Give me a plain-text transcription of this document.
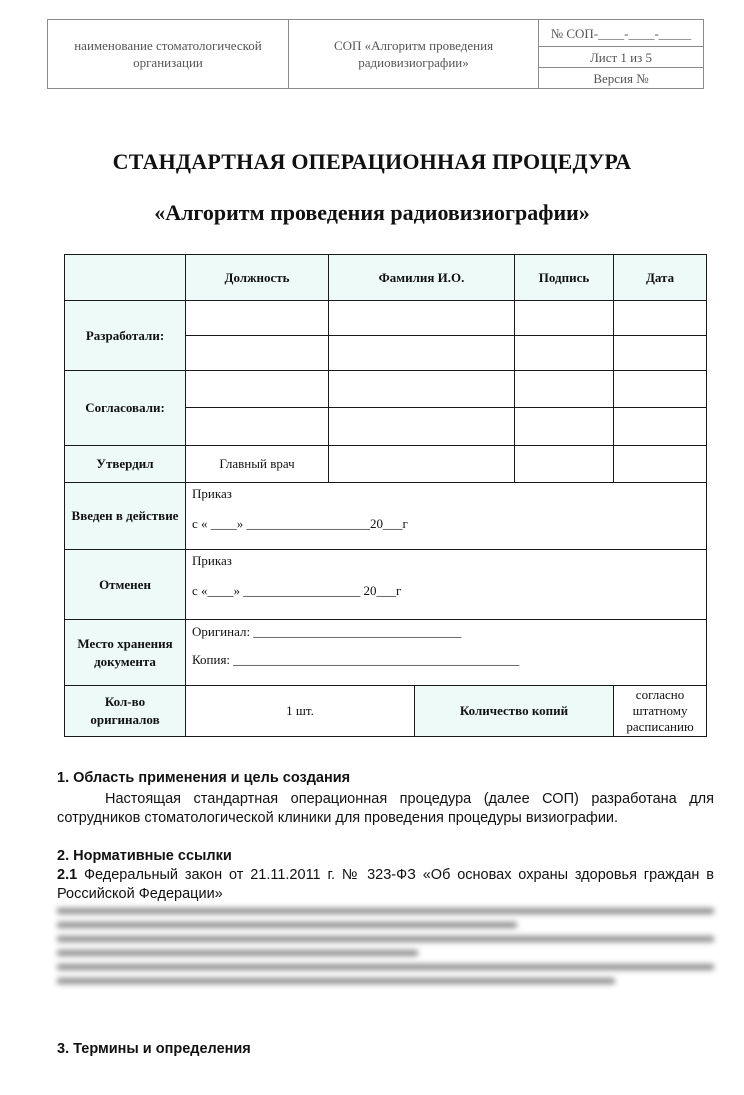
наименование стоматологической организации	СОП «Алгоритм проведения радиовизиографии»	№ СОП-____-____-_____
Лист 1 из 5
Версия №
СТАНДАРТНАЯ ОПЕРАЦИОННАЯ ПРОЦЕДУРА
«Алгоритм проведения радиовизиографии»
	Должность	Фамилия И.О.		Подпись	Дата
Разработали:					

Согласовали:					

Утвердил	Главный врач				
Введен в действие	Приказ
с « ____» ___________________20___г				

Отменен	Приказ
с «____» __________________ 20___г				

Место хранения документа	Оригинал: ________________________________
Копия: ____________________________________________				

Кол-во оригиналов	1 шт.		Количество копий		согласно штатному расписанию
1. Область применения и цель создания
Настоящая стандартная операционная процедура (далее СОП) разработана для сотрудников стоматологической клиники для проведения процедуры визиографии.
2. Нормативные ссылки
2.1 Федеральный закон от 21.11.2011 г. № 323-ФЗ «Об основах охраны здоровья граждан в Российской Федерации»
3. Термины и определения
